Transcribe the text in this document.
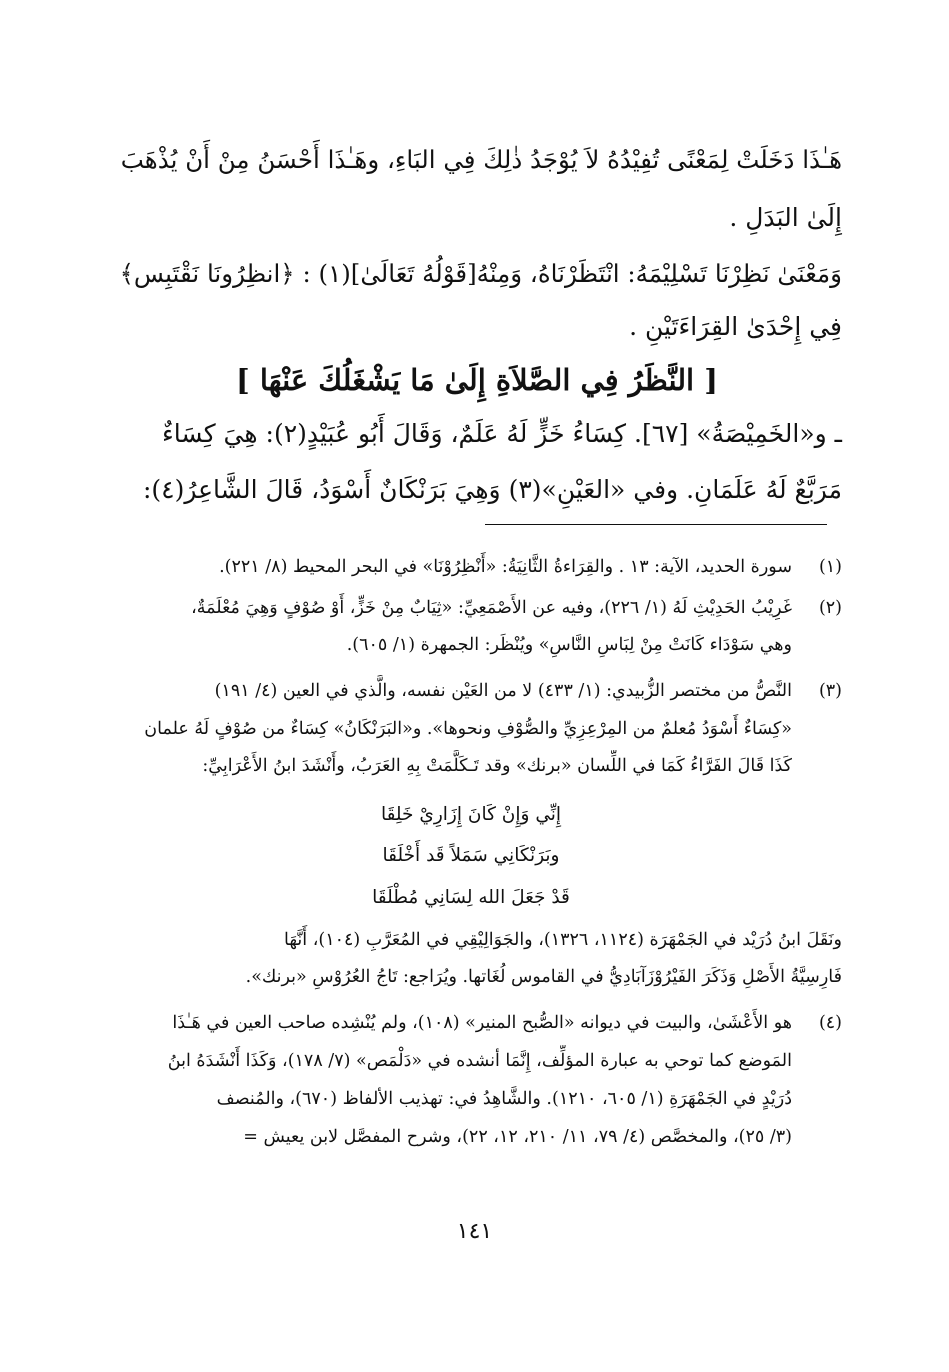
هَـٰذَا دَخَلَتْ لِمَعْنًى تُفِيْدُهُ لاَ يُوْجَدُ ذٰلِكَ فِي البَاءِ، وهَـٰذَا أَحْسَنُ مِنْ أَنْ يُذْهَبَ
إِلَىٰ البَدَلِ .
وَمَعْنَىٰ نَظِرْنَا تَسْلِيْمَهُ: انْتَظَرْنَاهُ، وَمِنْهُ[قَوْلُهُ تَعَالَىٰ](١) : ﴿انظِرُونَا نَقْتَبِس﴾
فِي إِحْدَىٰ القِرَاءَتَيْنِ .
[ النَّظَرُ فِي الصَّلاَةِ إِلَىٰ مَا يَشْغَلُكَ عَنْهَا ]
ـ و«الخَمِيْصَةُ» [٦٧]. كِسَاءُ خَزٍّ لَهُ عَلَمٌ، وَقَالَ أَبُو عُبَيْدٍ(٢): هِيَ كِسَاءٌ
مَرَبَّعٌ لَهُ عَلَمَانِ. وفي «العَيْنِ»(٣) وَهِيَ بَرَنْكَانٌ أَسْوَدُ، قَالَ الشَّاعِرُ(٤):
(١)
سورة الحديد، الآية: ١٣ . والقِرَاءةُ الثَّانِيَةُ: «أَنْظِرُوْنَا» في البحر المحيط (٨/ ٢٢١).
(٢)
غَرِيْبُ الحَدِيْثِ لَهُ (١/ ٢٢٦)، وفيه عن الأَصْمَعِيِّ: «ثِيَابٌ مِنْ خَزٍّ، أَوْ صُوْفٍ وَهِيَ مُعْلَمَةٌ،
وهي سَوْدَاء كَانَتْ مِنْ لِبَاسِ النَّاسِ» ويُنْظَر: الجمهرة (١/ ٦٠٥).
(٣)
النَّصُّ من مختصر الزُّبيدي: (١/ ٤٣٣) لا من العَيْن نفسه، والَّذي في العين (٤/ ١٩١)
«كِسَاءٌ أَسْوَدُ مُعلمٌ من المِرْعِزِيِّ والصُّوْفِ ونحوها». و«البَرَنْكَانُ» كِسَاءٌ من صُوْفٍ لَهُ علمان
كَذَا قَالَ الفَرَّاءُ كَمَا في اللِّسان «برنك» وقد تَـكَلَّمَتْ بِهِ العَرَبُ، وأَنْشَدَ ابنُ الأَعْرَابِيِّ:
إِنِّي وَإِنْ كَانَ إِزَارِيْ خَلِقَا
وبَرَنْكَانِي سَمَلاً قَد أَخْلَقَا
قَدْ جَعَلَ الله لِسَانِي مُطْلَقَا
ونَقَلَ ابنُ دُرَيْد في الجَمْهَرَة (١١٢٤، ١٣٢٦)، والجَوَالِيْقِي في المُعَرَّبِ (١٠٤)، أَنَّهَا
فَارِسِيَّةُ الأَصْلِ وَذَكَرَ الفَيْرُوْزَآبَادِيُّ في القاموس لُغَاتها. ويُرَاجع: تَاجُ العُرُوْسِ «برنك».
(٤)
هو الأَعْشَىٰ، والبيت في ديوانه «الصُّبح المنير» (١٠٨)، ولم يُنْشِده صاحب العين في هَـٰذَا
المَوضع كما توحي به عبارة المؤلِّف، إِنَّمَا أنشده في «دَلْمَص» (٧/ ١٧٨)، وَكَذَا أَنْشَدَهُ ابنُ
دُرَيْدٍ في الجَمْهَرَةِ (١/ ٦٠٥، ١٢١٠). والشَّاهِدُ في: تهذيب الألفاظ (٦٧٠)، والمُنصف
(٣/ ٢٥)، والمخصَّص (٤/ ٧٩، ١١/ ٢١٠، ١٢، ٢٢)، وشرح المفصَّل لابن يعيش =
١٤١
